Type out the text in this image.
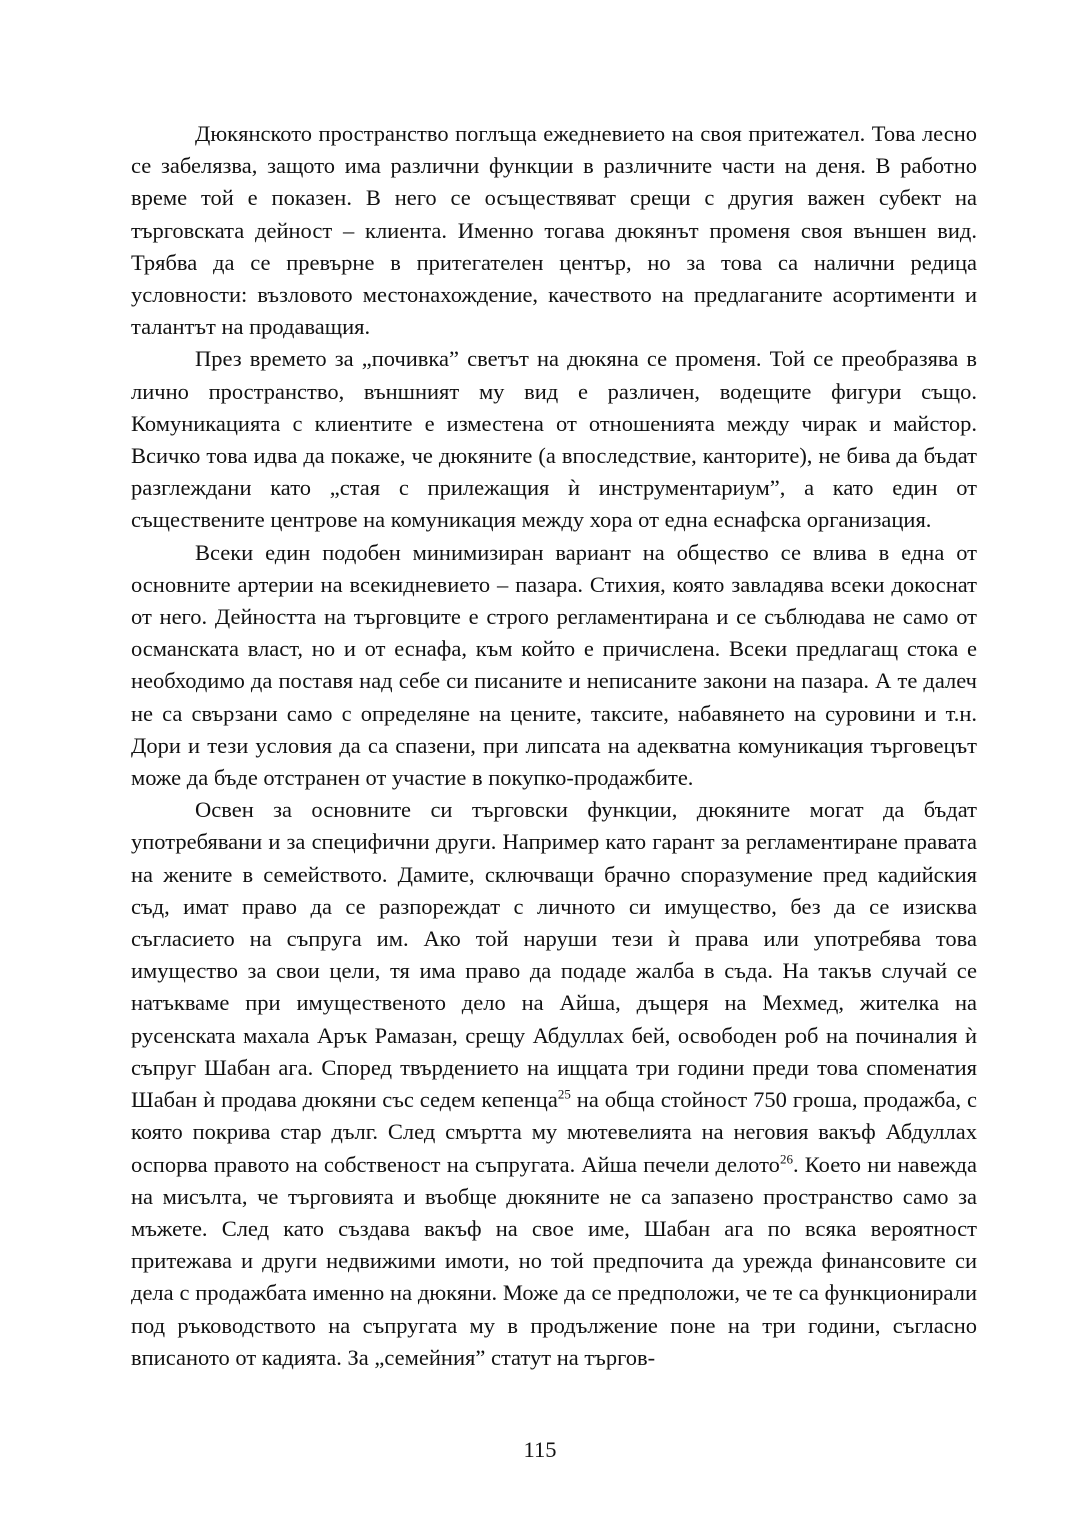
Дюкянското пространство поглъща ежедневието на своя притежател. Това лесно се забелязва, защото има различни функции в различните части на деня. В работно време той е показен. В него се осъществяват срещи с другия важен субект на търговската дейност – клиента. Именно тогава дюкянът променя своя външен вид. Трябва да се превърне в притегателен център, но за това са налични редица условности: възловото местонахождение, качеството на предлаганите асортименти и талантът на продаващия.

През времето за „почивка” светът на дюкяна се променя. Той се преобразява в лично пространство, външният му вид е различен, водещите фигури също. Комуникацията с клиентите е изместена от отношенията между чирак и майстор. Всичко това идва да покаже, че дюкяните (а впоследствие, канторите), не бива да бъдат разглеждани като „стая с прилежащия ѝ инструментариум”, а като един от съществените центрове на комуникация между хора от една еснафска организация.

Всеки един подобен минимизиран вариант на общество се влива в една от основните артерии на всекидневието – пазара. Стихия, която завладява всеки докоснат от него. Дейността на търговците е строго регламентирана и се съблюдава не само от османската власт, но и от еснафа, към който е причислена. Всеки предлагащ стока е необходимо да поставя над себе си писаните и неписаните закони на пазара. А те далеч не са свързани само с определяне на цените, таксите, набавянето на суровини и т.н. Дори и тези условия да са спазени, при липсата на адекватна комуникация търговецът може да бъде отстранен от участие в покупко-продажбите.

Освен за основните си търговски функции, дюкяните могат да бъдат употребявани и за специфични други. Например като гарант за регламентиране правата на жените в семейството. Дамите, сключващи брачно споразумение пред кадийския съд, имат право да се разпореждат с личното си имущество, без да се изисква съгласието на съпруга им. Ако той наруши тези ѝ права или употребява това имущество за свои цели, тя има право да подаде жалба в съда. На такъв случай се натъкваме при имущественото дело на Айша, дъщеря на Мехмед, жителка на русенската махала Арък Рамазан, срещу Абдуллах бей, освободен роб на починалия ѝ съпруг Шабан ага. Според твърдението на ищцата три години преди това споменатия Шабан ѝ продава дюкяни със седем кепенца$^{25}$ на обща стойност 750 гроша, продажба, с която покрива стар дълг. След смъртта му мютевелията на неговия вакъф Абдуллах оспорва правото на собственост на съпругата. Айша печели делото$^{26}$. Което ни навежда на мисълта, че търговията и въобще дюкяните не са запазено пространство само за мъжете. След като създава вакъф на свое име, Шабан ага по всяка вероятност притежава и други недвижими имоти, но той предпочита да урежда финансовите си дела с продажбата именно на дюкяни. Може да се предположи, че те са функционирали под ръководството на съпругата му в продължение поне на три години, съгласно вписаното от кадията. За „семейния” статут на търгов-

115
